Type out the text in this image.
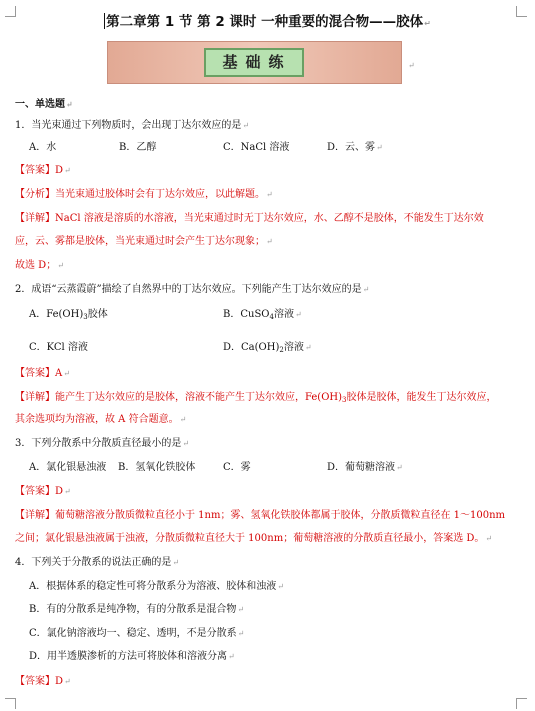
第二章第 1 节 第 2 课时 一种重要的混合物——胶体↵
基础练	↵
一、单选题↵
1．当光束通过下列物质时，会出现丁达尔效应的是↵
A．水	B．乙醇	C．NaCl 溶液	D．云、雾↵
【答案】D↵
【分析】当光束通过胶体时会有丁达尔效应，以此解题。↵
【详解】NaCl 溶液是溶质的水溶液，当光束通过时无丁达尔效应，水、乙醇不是胶体，不能发生丁达尔效
应，云、雾都是胶体，当光束通过时会产生丁达尔现象；↵
故选 D；↵
2．成语“云蒸霞蔚”描绘了自然界中的丁达尔效应。下列能产生丁达尔效应的是↵
A．$Fe(OH)_3$胶体	B．CuSO$_4$溶液↵
C．KCl 溶液	D．$Ca(OH)_2$溶液↵
【答案】A↵
【详解】能产生丁达尔效应的是胶体，溶液不能产生丁达尔效应，$Fe(OH)_3$胶体是胶体，能发生丁达尔效应，
其余选项均为溶液，故 A 符合题意。↵
3．下列分散系中分散质直径最小的是↵
A．氯化银悬浊液 B．氢氧化铁胶体	C．雾	D．葡萄糖溶液↵
【答案】D↵
【详解】葡萄糖溶液分散质微粒直径小于 1nm；雾、氢氧化铁胶体都属于胶体，分散质微粒直径在 1～100nm
之间；氯化银悬浊液属于浊液，分散质微粒直径大于 100nm；葡萄糖溶液的分散质直径最小，答案选 D。↵
4．下列关于分散系的说法正确的是↵
A．根据体系的稳定性可将分散系分为溶液、胶体和浊液↵
B．有的分散系是纯净物，有的分散系是混合物↵
C．氯化钠溶液均一、稳定、透明，不是分散系↵
D．用半透膜渗析的方法可将胶体和溶液分离↵
【答案】D↵
